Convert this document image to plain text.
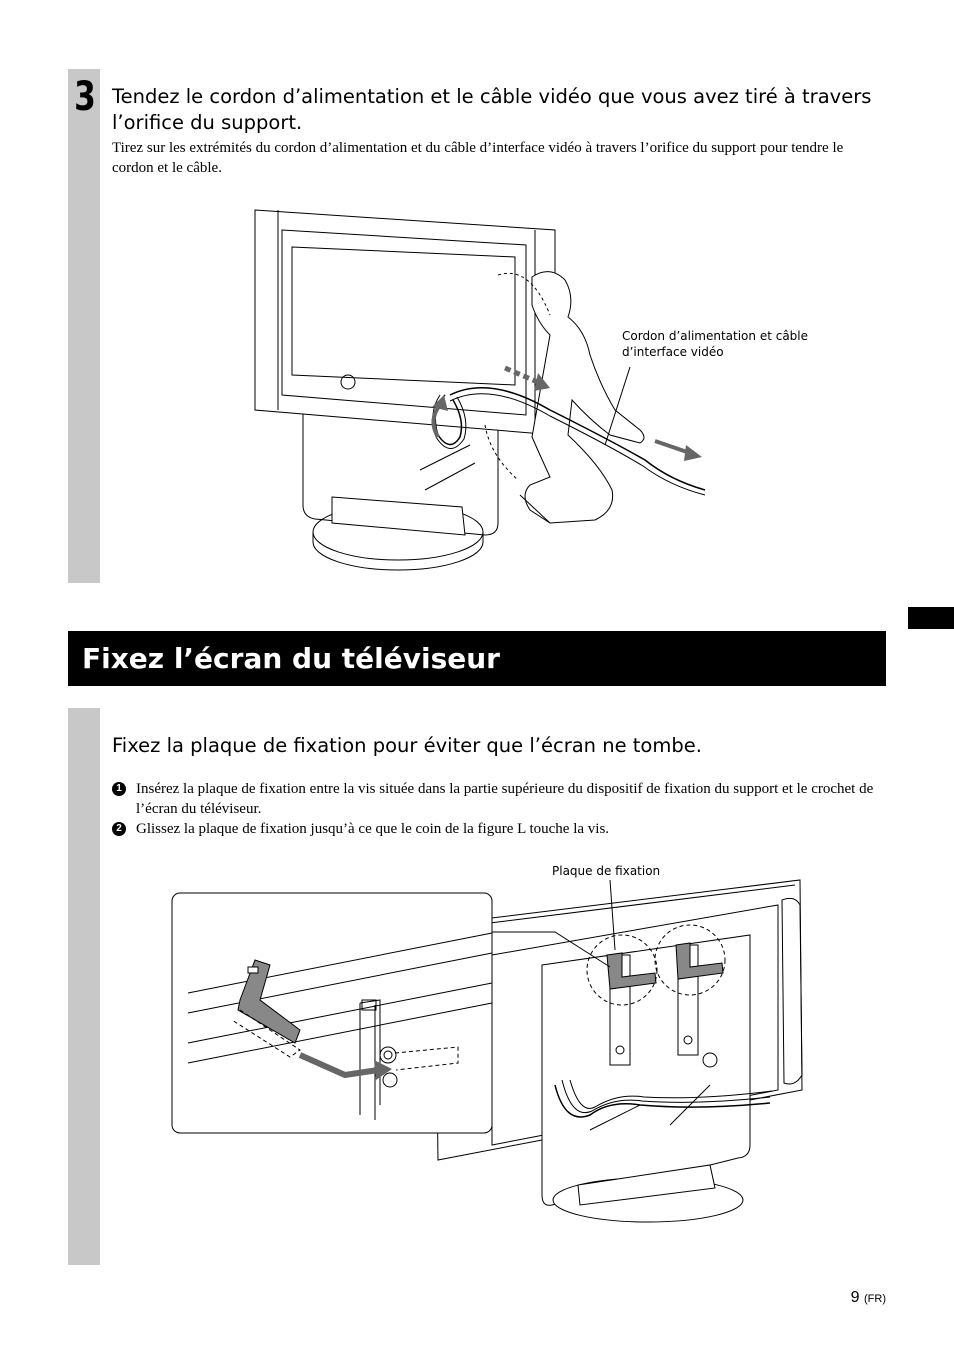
3 Tendez le cordon d’alimentation et le câble vidéo que vous avez tiré à travers l’orifice du support.
Tirez sur les extrémités du cordon d’alimentation et du câble d’interface vidéo à travers l’orifice du support pour tendre le cordon et le câble.
Cordon d’alimentation et câble d’interface vidéo
Fixez l’écran du téléviseur
Fixez la plaque de fixation pour éviter que l’écran ne tombe.
1 Insérez la plaque de fixation entre la vis située dans la partie supérieure du dispositif de fixation du support et le crochet de l’écran du téléviseur.
2 Glissez la plaque de fixation jusqu’à ce que le coin de la figure L touche la vis.
Plaque de fixation
9 (FR)
